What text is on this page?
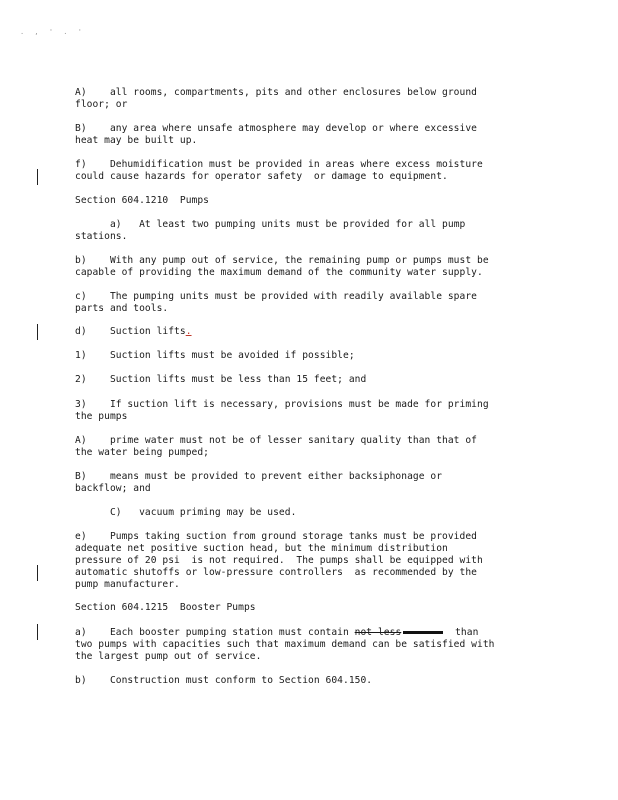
. , ' . '
A)    all rooms, compartments, pits and other enclosures below ground
floor; or
B)    any area where unsafe atmosphere may develop or where excessive
heat may be built up.
f)    Dehumidification must be provided in areas where excess moisture
could cause hazards for operator safety  or damage to equipment.
Section 604.1210  Pumps
a)   At least two pumping units must be provided for all pump
stations.
b)    With any pump out of service, the remaining pump or pumps must be
capable of providing the maximum demand of the community water supply.
c)    The pumping units must be provided with readily available spare
parts and tools.
d)    Suction lifts.
1)    Suction lifts must be avoided if possible;
2)    Suction lifts must be less than 15 feet; and
3)    If suction lift is necessary, provisions must be made for priming
the pumps
A)    prime water must not be of lesser sanitary quality than that of
the water being pumped;
B)    means must be provided to prevent either backsiphonage or
backflow; and
C)   vacuum priming may be used.
e)    Pumps taking suction from ground storage tanks must be provided
adequate net positive suction head, but the minimum distribution
pressure of 20 psi  is not required.  The pumps shall be equipped with
automatic shutoffs or low-pressure controllers  as recommended by the
pump manufacturer.
Section 604.1215  Booster Pumps
a)    Each booster pumping station must contain not less	than
two pumps with capacities such that maximum demand can be satisfied with
the largest pump out of service.
b)    Construction must conform to Section 604.150.
